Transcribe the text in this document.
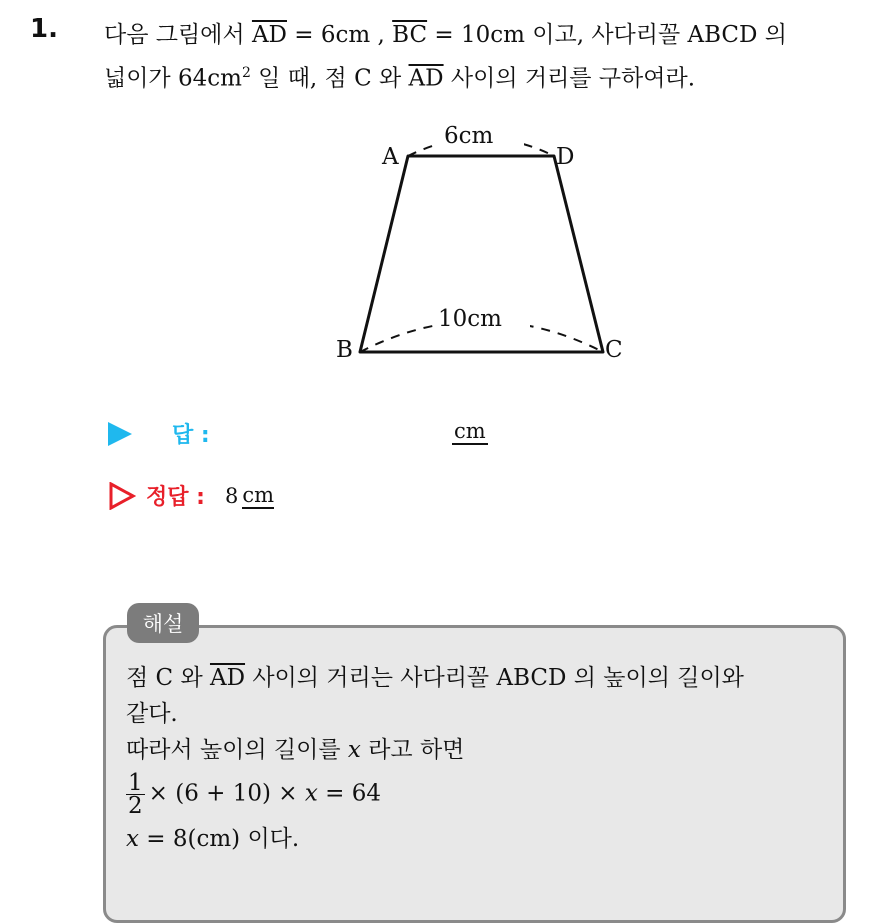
1. 다음 그림에서 $\overline{AD} = 6cm$ , $\overline{BC} = 10cm$ 이고, 사다리꼴 ABCD 의
넓이가 $64cm^2$ 일 때, 점 C 와 $\overline{AD}$ 사이의 거리를 구하여라.
6cm
10cm
A	D
B	C
답 :	cm
정답 : 8 cm
해설
점 C 와 $\overline{AD}$ 사이의 거리는 사다리꼴 ABCD 의 높이의 길이와
같다.
따라서 높이의 길이를 x 라고 하면
$\frac{1}{2} \times (6 + 10) \times x = 64$
x = 8(cm) 이다.
